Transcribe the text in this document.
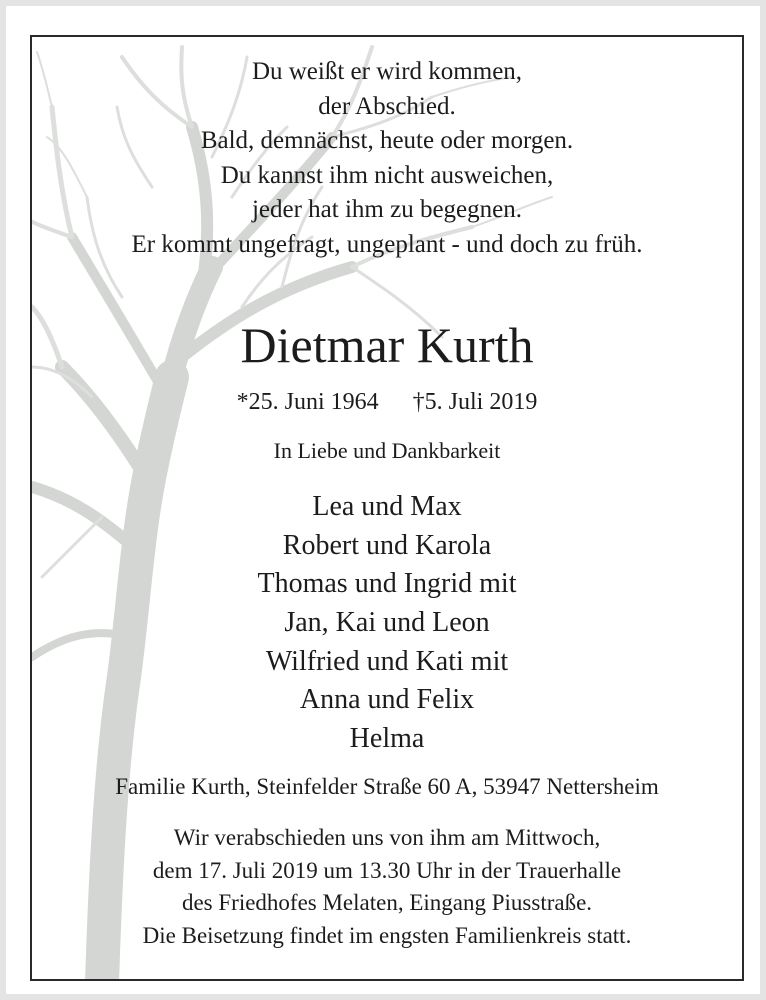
Du weißt er wird kommen,
der Abschied.
Bald, demnächst, heute oder morgen.
Du kannst ihm nicht ausweichen,
jeder hat ihm zu begegnen.
Er kommt ungefragt, ungeplant - und doch zu früh.
Dietmar Kurth
*25. Juni 1964 †5. Juli 2019
In Liebe und Dankbarkeit
Lea und Max
Robert und Karola
Thomas und Ingrid mit
Jan, Kai und Leon
Wilfried und Kati mit
Anna und Felix
Helma
Familie Kurth, Steinfelder Straße 60 A, 53947 Nettersheim
Wir verabschieden uns von ihm am Mittwoch,
dem 17. Juli 2019 um 13.30 Uhr in der Trauerhalle
des Friedhofes Melaten, Eingang Piusstraße.
Die Beisetzung findet im engsten Familienkreis statt.
